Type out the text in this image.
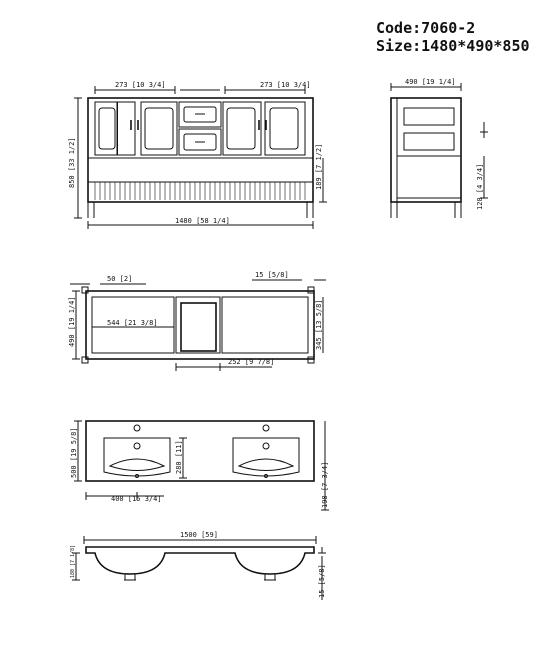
Code:7060-2
Size:1480*490*850
273 [10 3/4]	273 [10 3/4]
850 [33 1/2]	189 [7 1/2]
1480 [58 1/4]
490 [19 1/4]
120 [4 3/4]
50 [2]	15 [5/8]
490 [19 1/4]	544 [21 3/8]	345 [13 5/8]
252 [9 7/8]
500 [19 5/8]	280 [11]
198 [7 3/4]
400 [15 3/4]
1500 [59]
180 [7 1/8]
15 [5/8]
